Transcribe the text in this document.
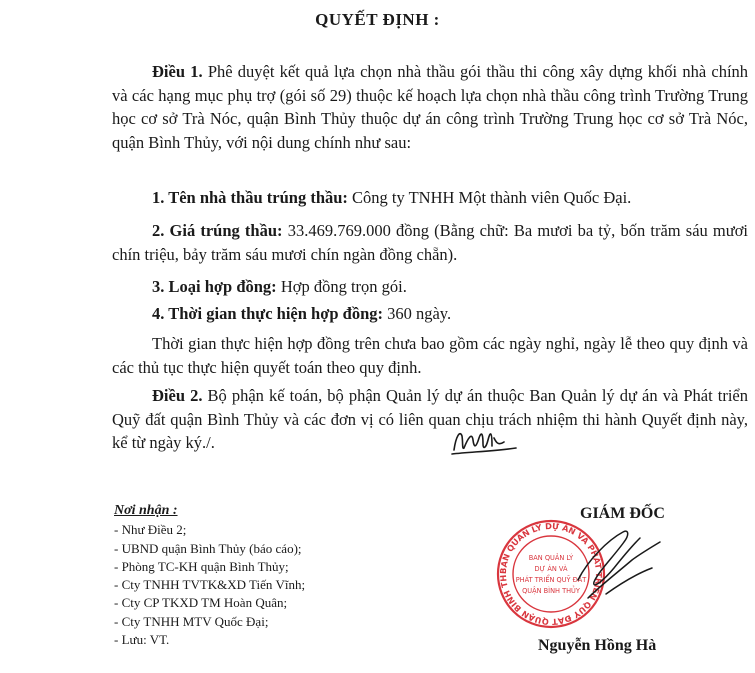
QUYẾT ĐỊNH :
Điều 1. Phê duyệt kết quả lựa chọn nhà thầu gói thầu thi công xây dựng khối nhà chính và các hạng mục phụ trợ (gói số 29) thuộc kế hoạch lựa chọn nhà thầu công trình Trường Trung học cơ sở Trà Nóc, quận Bình Thủy thuộc dự án công trình Trường Trung học cơ sở Trà Nóc, quận Bình Thủy, với nội dung chính như sau:
1. Tên nhà thầu trúng thầu: Công ty TNHH Một thành viên Quốc Đại.
2. Giá trúng thầu: 33.469.769.000 đồng (Bằng chữ: Ba mươi ba tỷ, bốn trăm sáu mươi chín triệu, bảy trăm sáu mươi chín ngàn đồng chẵn).
3. Loại hợp đồng: Hợp đồng trọn gói.
4. Thời gian thực hiện hợp đồng: 360 ngày.
Thời gian thực hiện hợp đồng trên chưa bao gồm các ngày nghỉ, ngày lễ theo quy định và các thủ tục thực hiện quyết toán theo quy định.
Điều 2. Bộ phận kế toán, bộ phận Quản lý dự án thuộc Ban Quản lý dự án và Phát triển Quỹ đất quận Bình Thủy và các đơn vị có liên quan chịu trách nhiệm thi hành Quyết định này, kể từ ngày ký./.
Nơi nhận :
- Như Điều 2;
- UBND quận Bình Thủy (báo cáo);
- Phòng TC-KH quận Bình Thủy;
- Cty TNHH TVTK&XD Tiến Vĩnh;
- Cty CP TKXD TM Hoàn Quân;
- Cty TNHH MTV Quốc Đại;
- Lưu: VT.
BAN QUẢN LÝ DỰ ÁN VÀ PHÁT TRIỂN QUỸ ĐẤT QUẬN BÌNH THỦY
BAN QUẢN LÝ
DỰ ÁN VÀ
PHÁT TRIỂN QUỸ ĐẤT
QUẬN BÌNH THỦY
GIÁM ĐỐC
Nguyễn Hồng Hà
